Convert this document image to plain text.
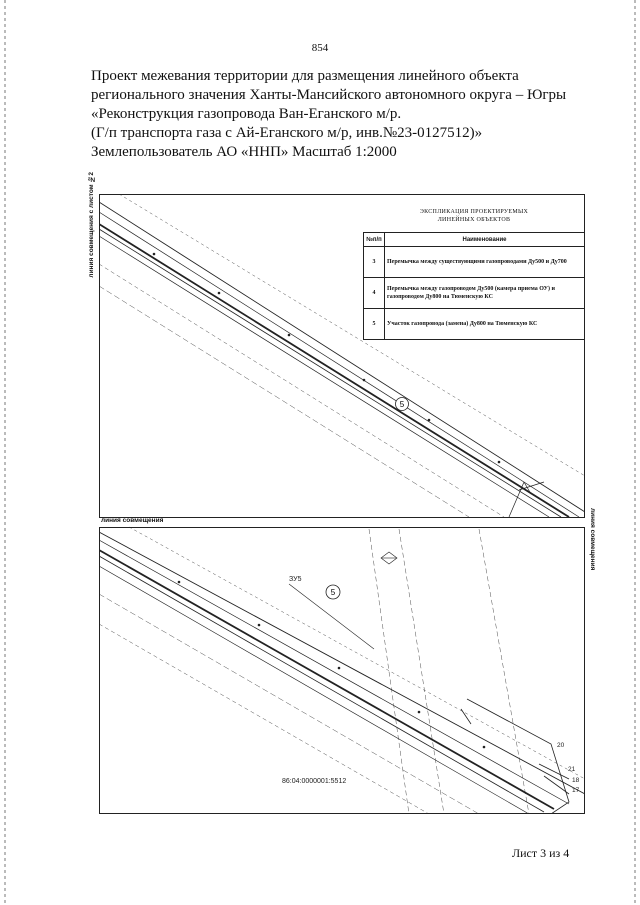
854
Проект межевания территории для размещения линейного объекта
регионального значения Ханты-Мансийского автономного округа – Югры
«Реконструкция газопровода Ван-Еганского м/р.
(Г/п транспорта газа с Ай-Еганского м/р, инв.№23-0127512)»
Землепользователь АО «ННП» Масштаб 1:2000
5
20
21
18
17
5
ЗУ5
86:04:0000001:5512
линия совмещения с листом №2
линия совмещения	линия совмещения
ЭКСПЛИКАЦИЯ ПРОЕКТИРУЕМЫХ
ЛИНЕЙНЫХ ОБЪЕКТОВ
№п/п	Наименование
3	Перемычка между существующими газопроводами Ду500 и Ду700
4	Перемычка между газопроводом Ду500 (камера приема ОУ) и газопроводом Ду800 на Тюменскую КС
5	Участок газопровода (замена) Ду800 на Тюменскую КС
Лист 3 из 4
